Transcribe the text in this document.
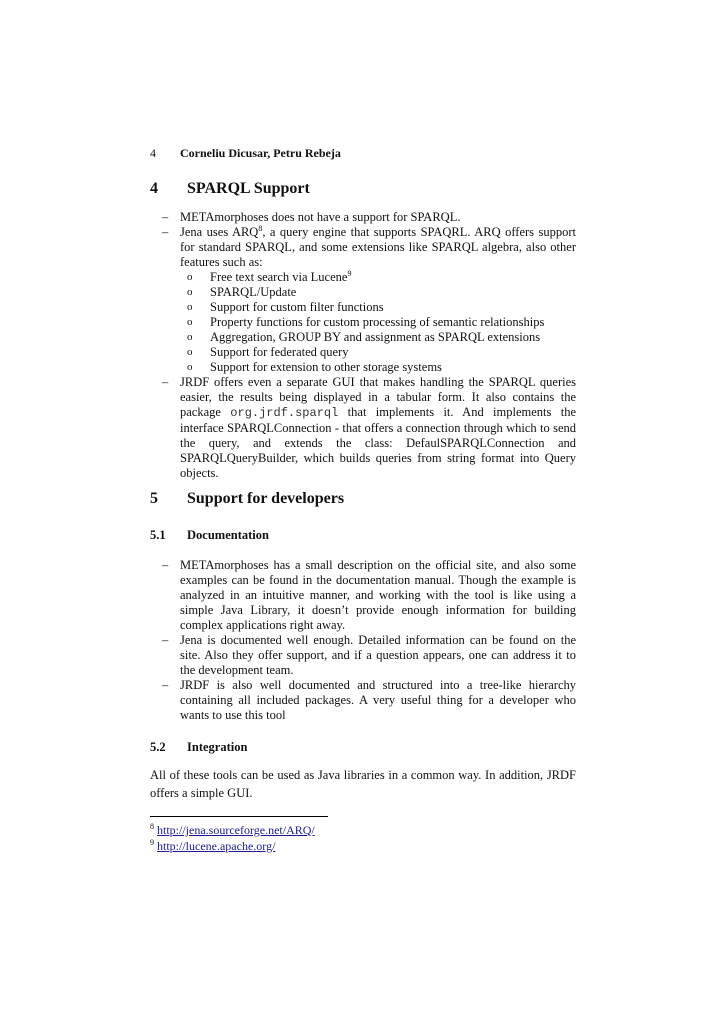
4 Corneliu Dicusar, Petru Rebeja
4 SPARQL Support
– METAmorphoses does not have a support for SPARQL.
– Jena uses ARQ$^8$, a query engine that supports SPAQRL. ARQ offers support for standard SPARQL, and some extensions like SPARQL algebra, also other features such as:
o Free text search via Lucene$^9$
o SPARQL/Update
o Support for custom filter functions
o Property functions for custom processing of semantic relationships
o Aggregation, GROUP BY and assignment as SPARQL extensions
o Support for federated query
o Support for extension to other storage systems
– JRDF offers even a separate GUI that makes handling the SPARQL queries easier, the results being displayed in a tabular form. It also contains the package org.jrdf.sparql that implements it. And implements the interface SPARQLConnection - that offers a connection through which to send the query, and extends the class: DefaulSPARQLConnection and SPARQLQueryBuilder, which builds queries from string format into Query objects.
5 Support for developers
5.1 Documentation
– METAmorphoses has a small description on the official site, and also some examples can be found in the documentation manual. Though the example is analyzed in an intuitive manner, and working with the tool is like using a simple Java Library, it doesn’t provide enough information for building complex applications right away.
– Jena is documented well enough. Detailed information can be found on the site. Also they offer support, and if a question appears, one can address it to the development team.
– JRDF is also well documented and structured into a tree-like hierarchy containing all included packages. A very useful thing for a developer who wants to use this tool
5.2 Integration
All of these tools can be used as Java libraries in a common way. In addition, JRDF offers a simple GUI.
$^8$ http://jena.sourceforge.net/ARQ/
$^9$ http://lucene.apache.org/
